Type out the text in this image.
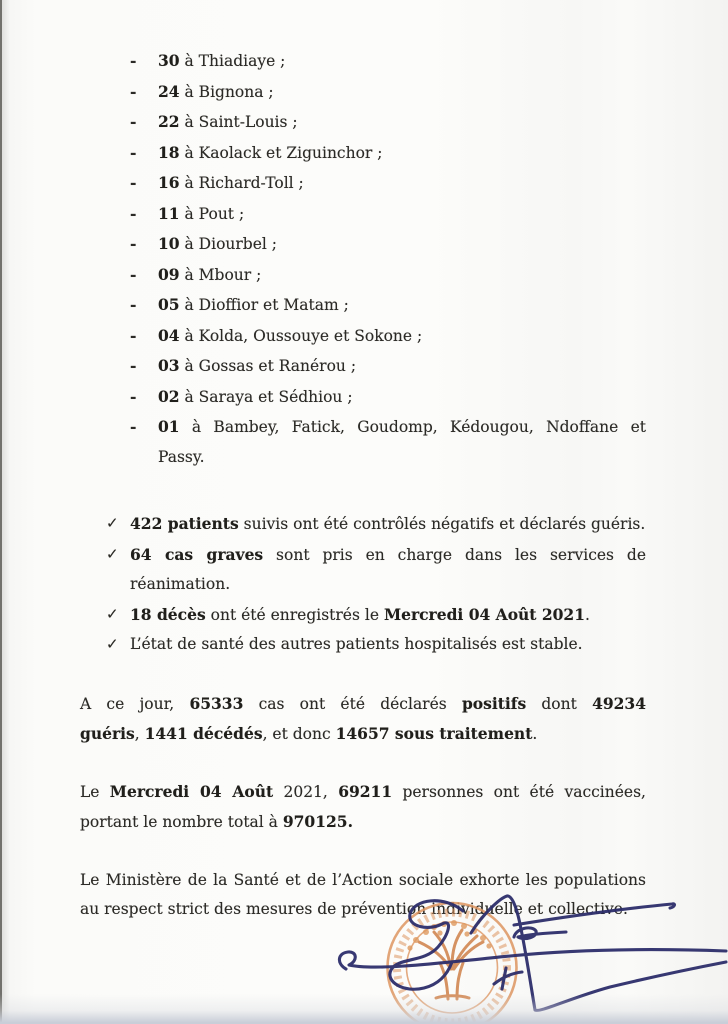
- 30 à Thiadiaye ;
- 24 à Bignona ;
- 22 à Saint-Louis ;
- 18 à Kaolack et Ziguinchor ;
- 16 à Richard-Toll ;
- 11 à Pout ;
- 10 à Diourbel ;
- 09 à Mbour ;
- 05 à Dioffior et Matam ;
- 04 à Kolda, Oussouye et Sokone ;
- 03 à Gossas et Ranérou ;
- 02 à Saraya et Sédhiou ;
- 01 à Bambey, Fatick, Goudomp, Kédougou, Ndoffane et
Passy.
✓ 422 patients suivis ont été contrôlés négatifs et déclarés guéris.
✓ 64 cas graves sont pris en charge dans les services de
réanimation.
✓ 18 décès ont été enregistrés le Mercredi 04 Août 2021.
✓ L’état de santé des autres patients hospitalisés est stable.
A ce jour, 65333 cas ont été déclarés positifs dont 49234
guéris, 1441 décédés, et donc 14657 sous traitement.
Le Mercredi 04 Août 2021, 69211 personnes ont été vaccinées,
portant le nombre total à 970125.
Le Ministère de la Santé et de l’Action sociale exhorte les populations
au respect strict des mesures de prévention individuelle et collective.
